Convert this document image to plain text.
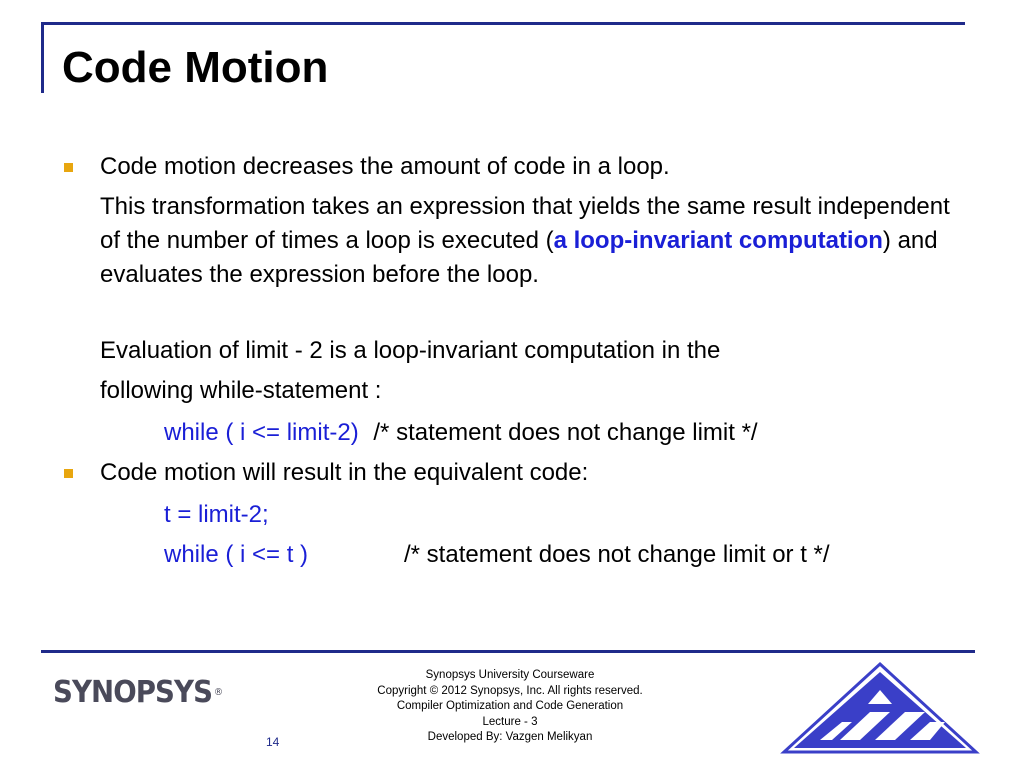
Code Motion
Code motion decreases the amount of code in a loop.
This transformation takes an expression that yields the same result independent of the number of times a loop is executed (a loop-invariant computation) and evaluates the expression before the loop.
Evaluation of limit - 2 is a loop-invariant computation in the
following while-statement :
while ( i <= limit-2) /* statement does not change limit */
Code motion will result in the equivalent code:
t = limit-2;
while ( i <= t )	/* statement does not change limit or t */
SYNOPSYS ®
14
Synopsys University Courseware
Copyright © 2012 Synopsys, Inc. All rights reserved.
Compiler Optimization and Code Generation
Lecture - 3
Developed By: Vazgen Melikyan
